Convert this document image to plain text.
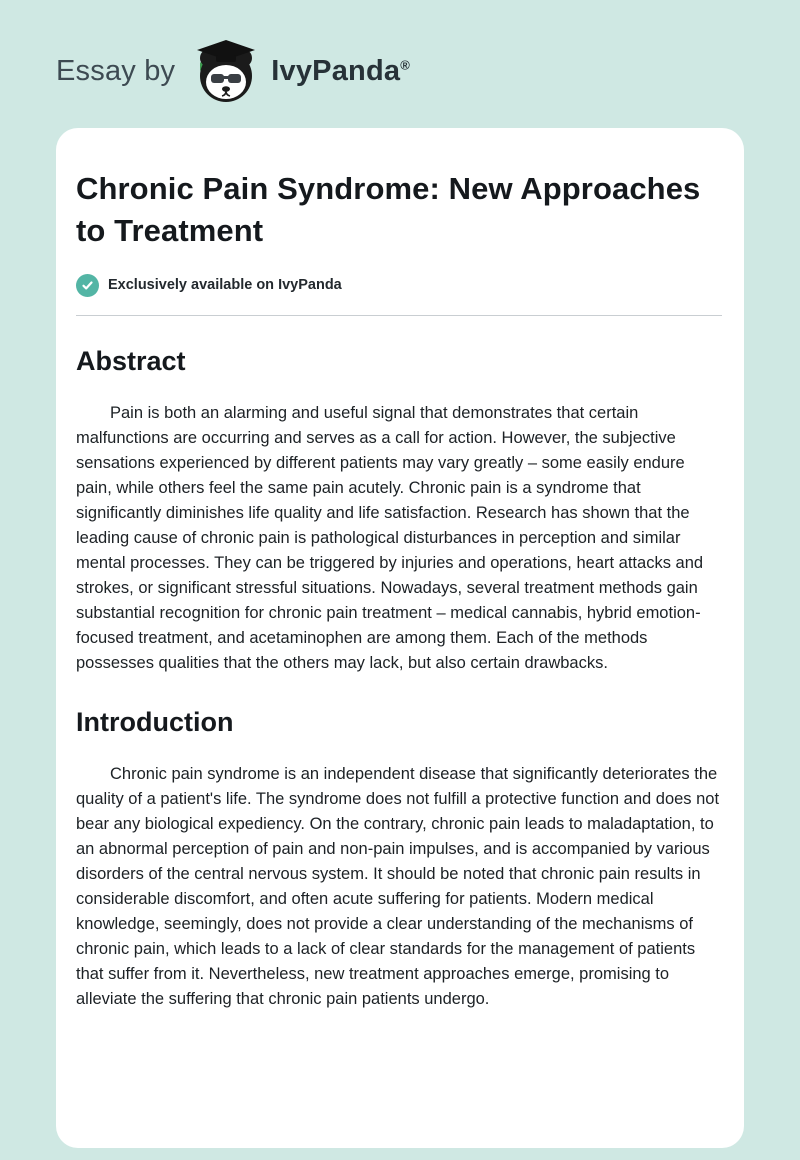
Essay by	IvyPanda®
Chronic Pain Syndrome: New Approaches to Treatment
Exclusively available on IvyPanda
Abstract

Pain is both an alarming and useful signal that demonstrates that certain malfunctions are occurring and serves as a call for action. However, the subjective sensations experienced by different patients may vary greatly – some easily endure pain, while others feel the same pain acutely. Chronic pain is a syndrome that significantly diminishes life quality and life satisfaction. Research has shown that the leading cause of chronic pain is pathological disturbances in perception and similar mental processes. They can be triggered by injuries and operations, heart attacks and strokes, or significant stressful situations. Nowadays, several treatment methods gain substantial recognition for chronic pain treatment – medical cannabis, hybrid emotion-focused treatment, and acetaminophen are among them. Each of the methods possesses qualities that the others may lack, but also certain drawbacks.

Introduction

Chronic pain syndrome is an independent disease that significantly deteriorates the quality of a patient's life. The syndrome does not fulfill a protective function and does not bear any biological expediency. On the contrary, chronic pain leads to maladaptation, to an abnormal perception of pain and non-pain impulses, and is accompanied by various disorders of the central nervous system. It should be noted that chronic pain results in considerable discomfort, and often acute suffering for patients. Modern medical knowledge, seemingly, does not provide a clear understanding of the mechanisms of chronic pain, which leads to a lack of clear standards for the management of patients that suffer from it. Nevertheless, new treatment approaches emerge, promising to alleviate the suffering that chronic pain patients undergo.
